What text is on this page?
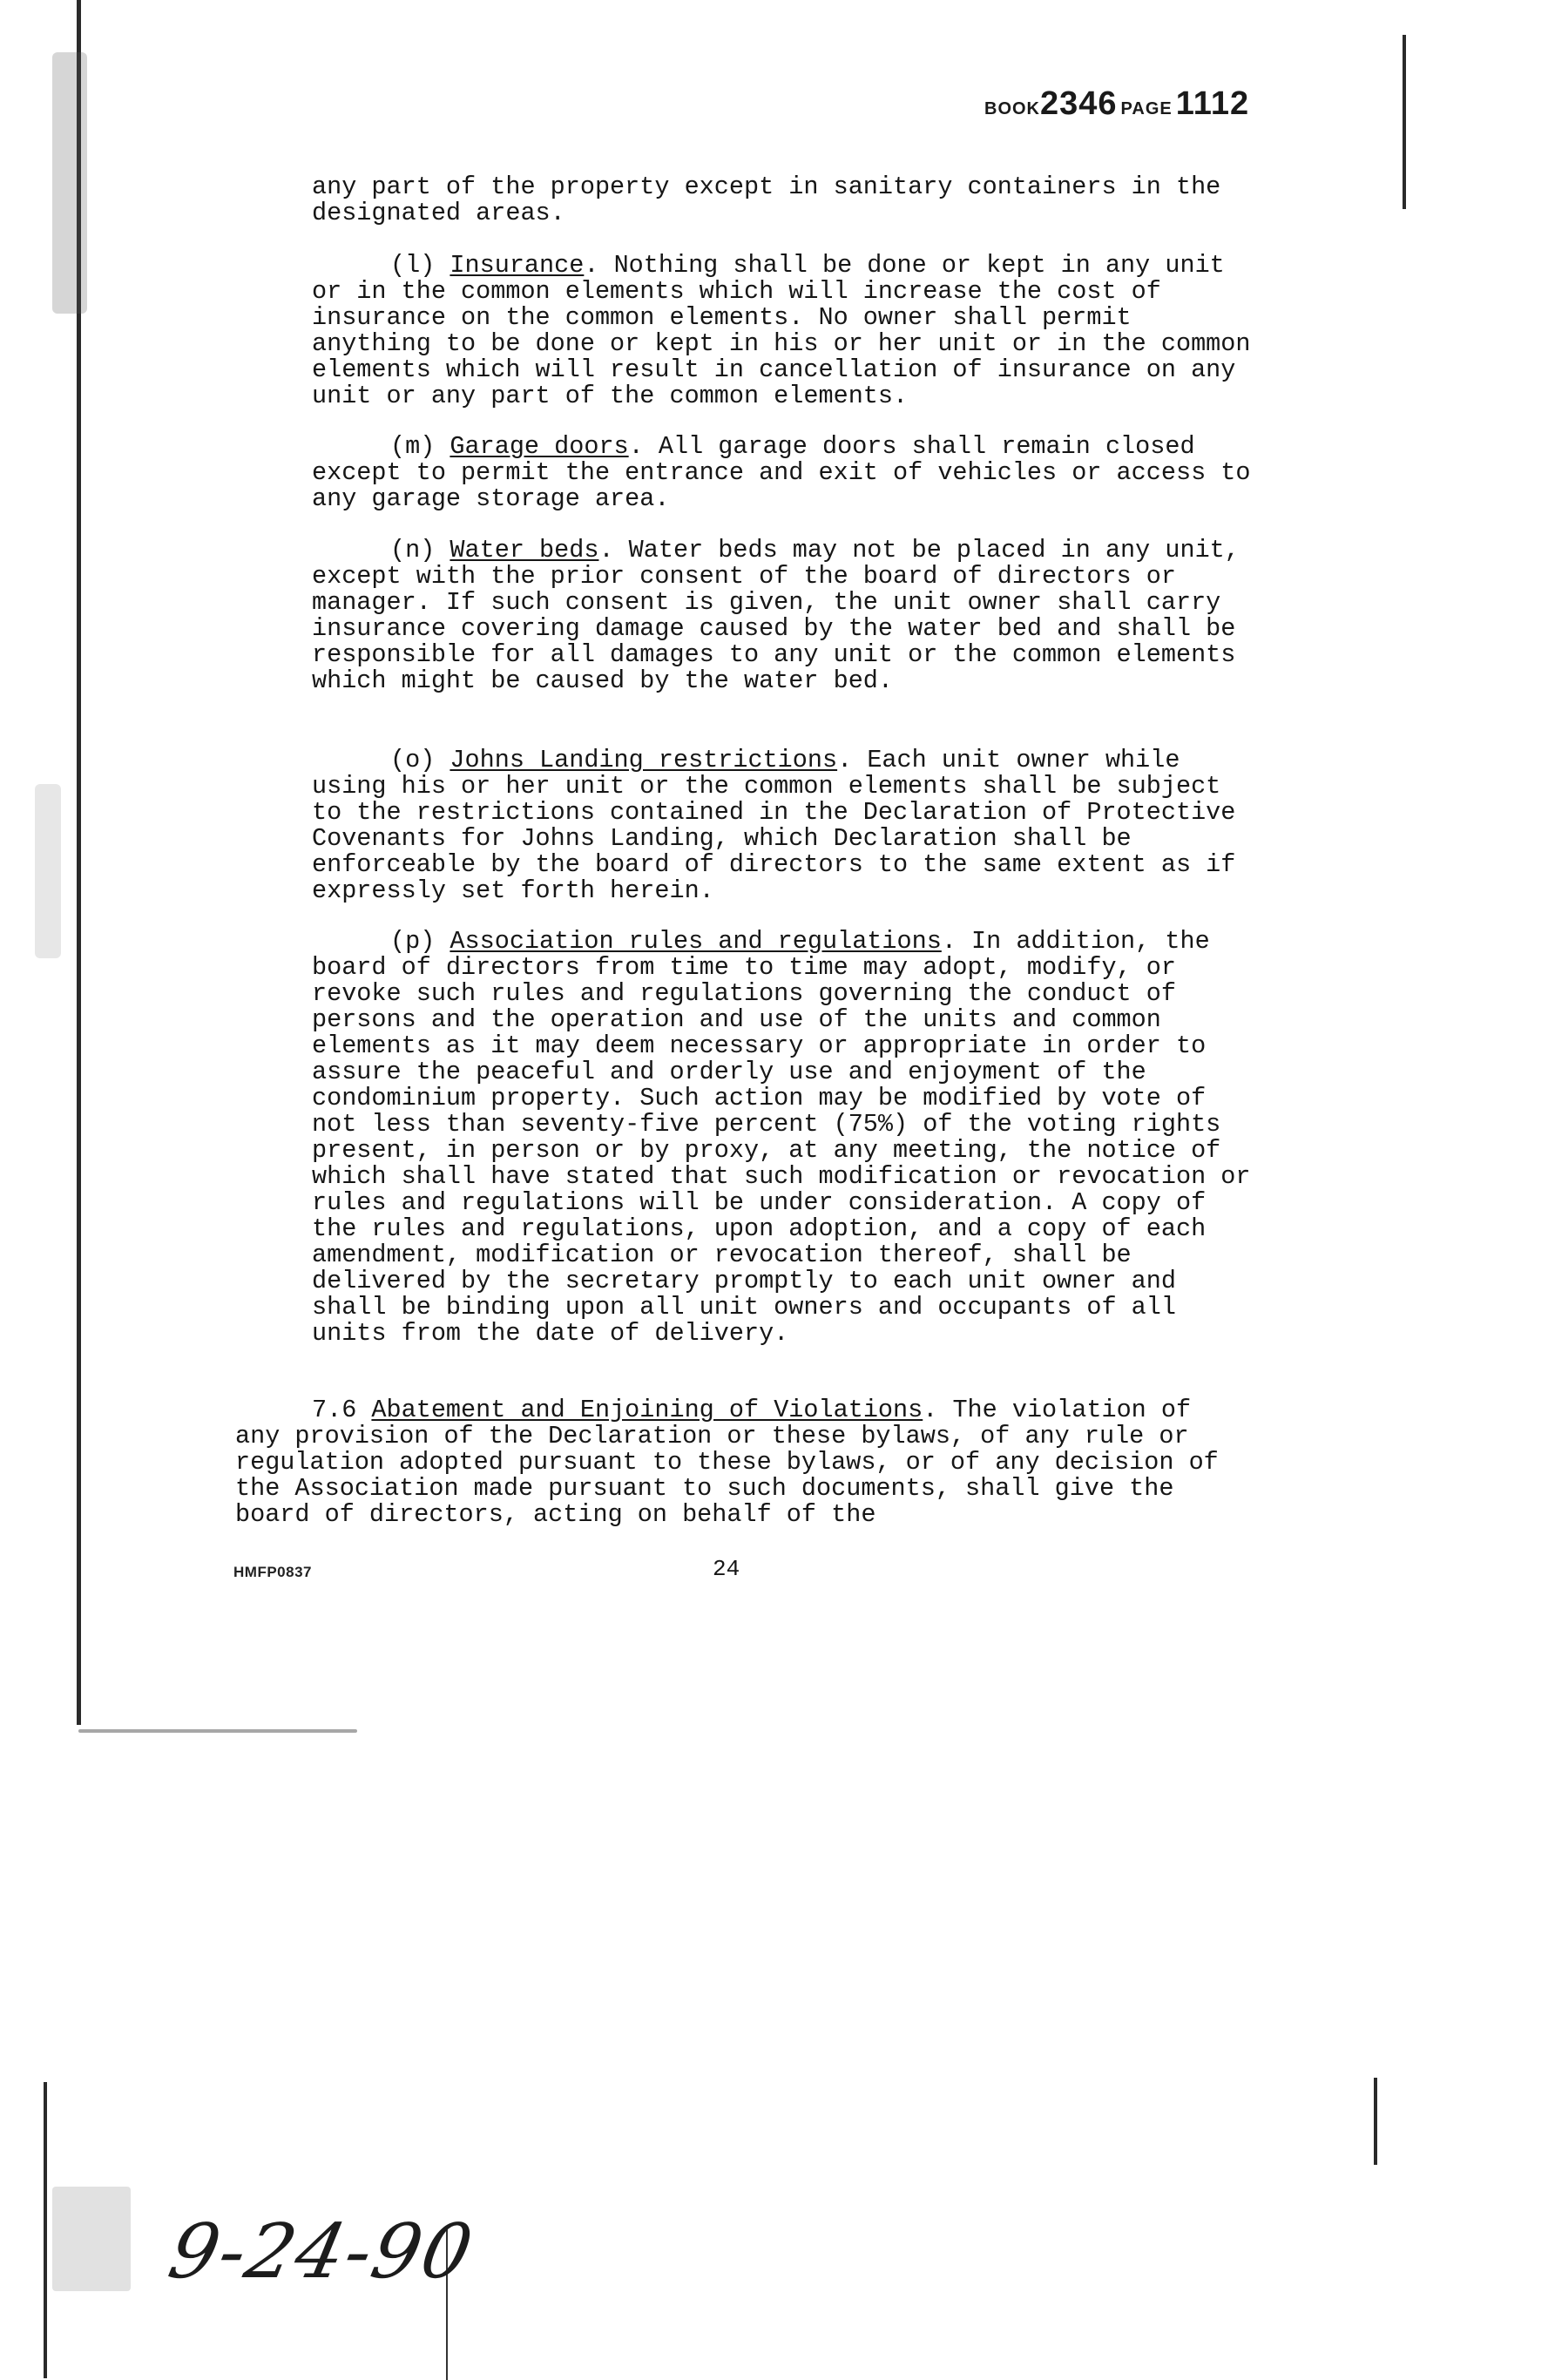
BOOK2346 PAGE 1112

any part of the property except in sanitary containers in the designated areas.

(l) Insurance. Nothing shall be done or kept in any unit or in the common elements which will increase the cost of insurance on the common elements. No owner shall permit anything to be done or kept in his or her unit or in the common elements which will result in cancellation of insurance on any unit or any part of the common elements.

(m) Garage doors. All garage doors shall remain closed except to permit the entrance and exit of vehicles or access to any garage storage area.

(n) Water beds. Water beds may not be placed in any unit, except with the prior consent of the board of directors or manager. If such consent is given, the unit owner shall carry insurance covering damage caused by the water bed and shall be responsible for all damages to any unit or the common elements which might be caused by the water bed.

(o) Johns Landing restrictions. Each unit owner while using his or her unit or the common elements shall be subject to the restrictions contained in the Declaration of Protective Covenants for Johns Landing, which Declaration shall be enforceable by the board of directors to the same extent as if expressly set forth herein.

(p) Association rules and regulations. In addition, the board of directors from time to time may adopt, modify, or revoke such rules and regulations governing the conduct of persons and the operation and use of the units and common elements as it may deem necessary or appropriate in order to assure the peaceful and orderly use and enjoyment of the condominium property. Such action may be modified by vote of not less than seventy-five percent (75%) of the voting rights present, in person or by proxy, at any meeting, the notice of which shall have stated that such modification or revocation or rules and regulations will be under consideration. A copy of the rules and regulations, upon adoption, and a copy of each amendment, modification or revocation thereof, shall be delivered by the secretary promptly to each unit owner and shall be binding upon all unit owners and occupants of all units from the date of delivery.

7.6 Abatement and Enjoining of Violations. The violation of any provision of the Declaration or these bylaws, of any rule or regulation adopted pursuant to these bylaws, or of any decision of the Association made pursuant to such documents, shall give the board of directors, acting on behalf of the

HMFP0837	24
9-24-90
